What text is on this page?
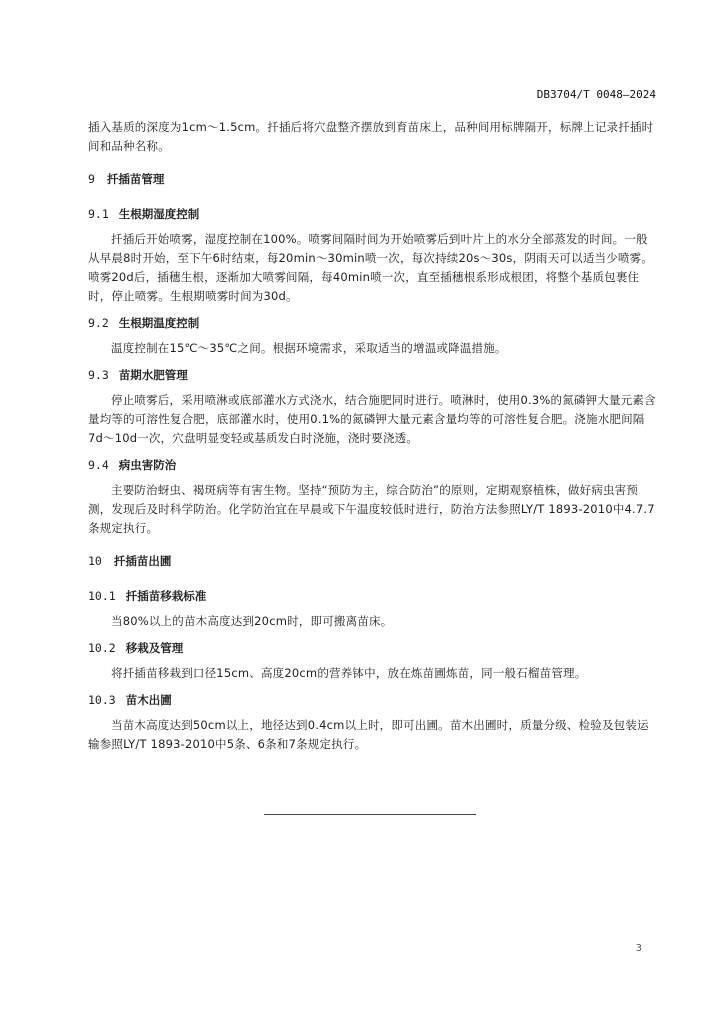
DB3704/T 0048—2024

插入基质的深度为1cm～1.5cm。扦插后将穴盘整齐摆放到育苗床上，品种间用标牌隔开，标牌上记录扦插时间和品种名称。

9 扦插苗管理
9.1 生根期湿度控制

扦插后开始喷雾，湿度控制在100%。喷雾间隔时间为开始喷雾后到叶片上的水分全部蒸发的时间。一般从早晨8时开始，至下午6时结束，每20min～30min喷一次，每次持续20s～30s，阴雨天可以适当少喷雾。喷雾20d后，插穗生根，逐渐加大喷雾间隔，每40min喷一次，直至插穗根系形成根团，将整个基质包裹住时，停止喷雾。生根期喷雾时间为30d。

9.2 生根期温度控制

温度控制在15℃～35℃之间。根据环境需求，采取适当的增温或降温措施。

9.3 苗期水肥管理

停止喷雾后，采用喷淋或底部灌水方式浇水，结合施肥同时进行。喷淋时，使用0.3%的氮磷钾大量元素含量均等的可溶性复合肥，底部灌水时，使用0.1%的氮磷钾大量元素含量均等的可溶性复合肥。浇施水肥间隔7d～10d一次，穴盘明显变轻或基质发白时浇施，浇时要浇透。

9.4 病虫害防治

主要防治蚜虫、褐斑病等有害生物。坚持“预防为主，综合防治”的原则，定期观察植株，做好病虫害预测，发现后及时科学防治。化学防治宜在早晨或下午温度较低时进行，防治方法参照LY/T 1893-2010中4.7.7条规定执行。

10 扦插苗出圃
10.1 扦插苗移栽标准

当80%以上的苗木高度达到20cm时，即可搬离苗床。

10.2 移栽及管理

将扦插苗移栽到口径15cm、高度20cm的营养钵中，放在炼苗圃炼苗，同一般石榴苗管理。

10.3 苗木出圃

当苗木高度达到50cm以上，地径达到0.4cm以上时，即可出圃。苗木出圃时，质量分级、检验及包装运输参照LY/T 1893-2010中5条、6条和7条规定执行。

3
